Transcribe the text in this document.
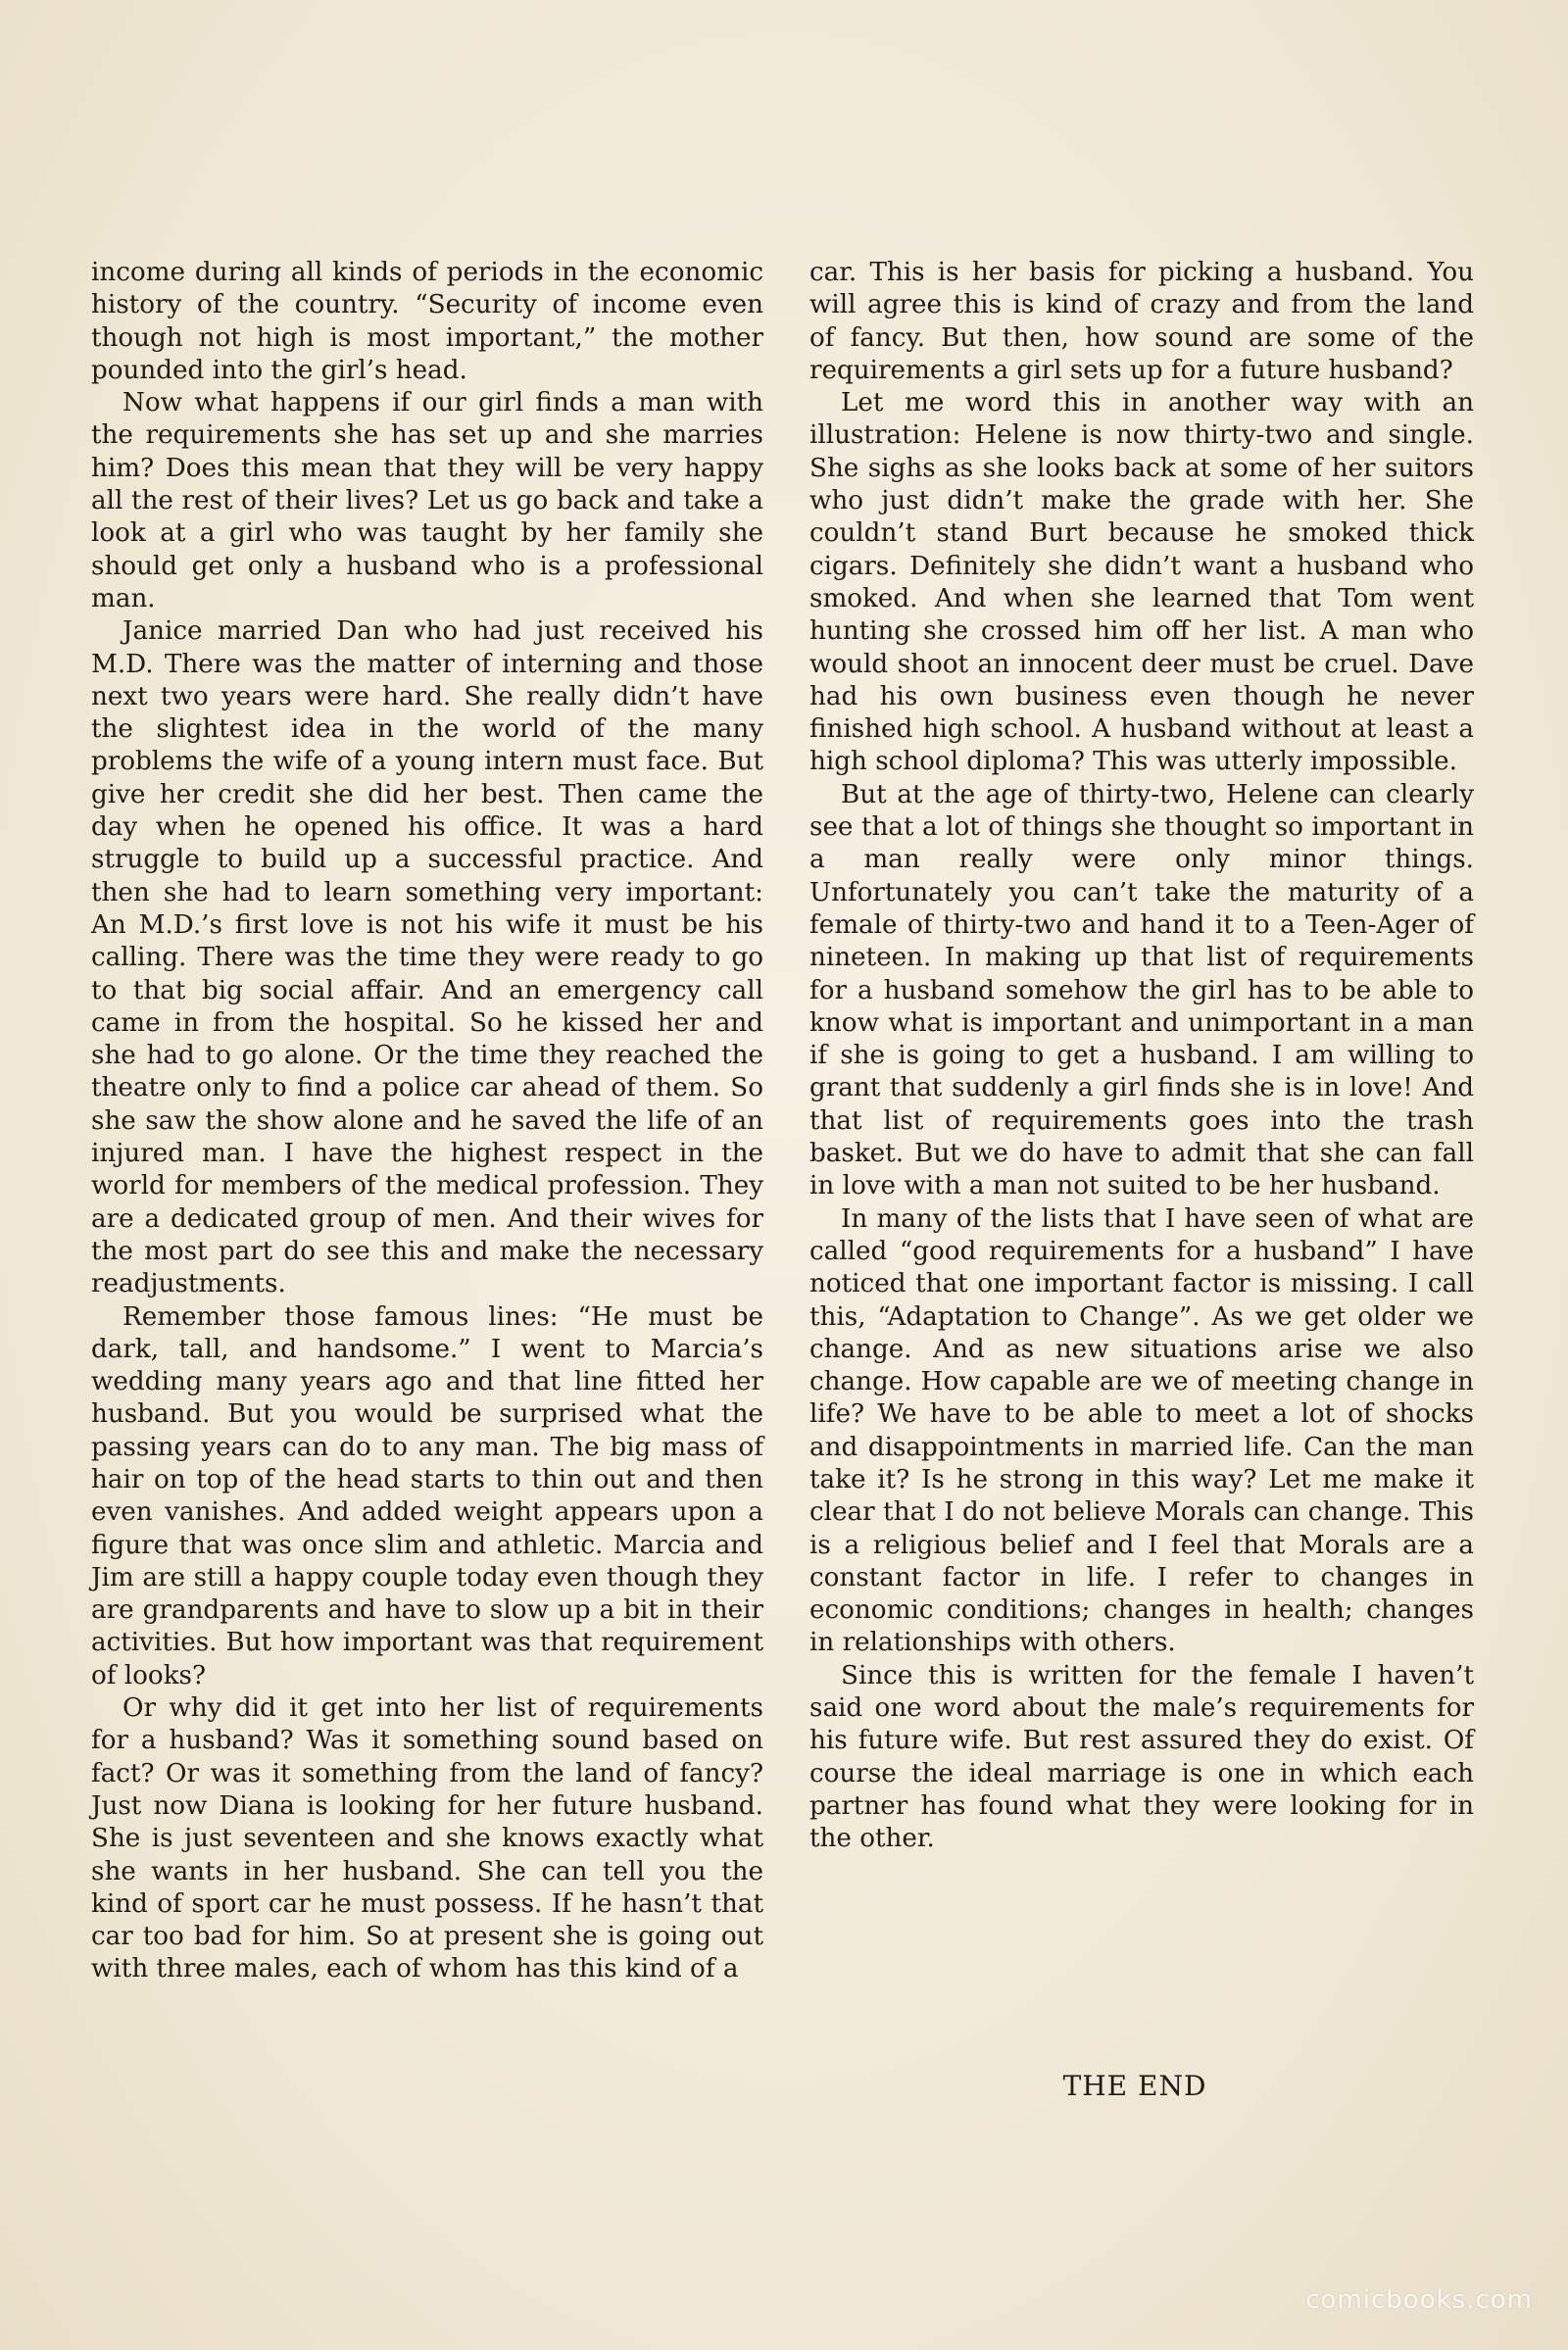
income during all kinds of periods in the economic history of the country. “Security of income even though not high is most important,” the mother pounded into the girl’s head.

Now what happens if our girl finds a man with the requirements she has set up and she marries him? Does this mean that they will be very happy all the rest of their lives? Let us go back and take a look at a girl who was taught by her family she should get only a husband who is a professional man.

Janice married Dan who had just received his M.D. There was the matter of interning and those next two years were hard. She really didn’t have the slightest idea in the world of the many problems the wife of a young intern must face. But give her credit she did her best. Then came the day when he opened his office. It was a hard struggle to build up a successful practice. And then she had to learn something very important: An M.D.’s first love is not his wife it must be his calling. There was the time they were ready to go to that big social affair. And an emergency call came in from the hospital. So he kissed her and she had to go alone. Or the time they reached the theatre only to find a police car ahead of them. So she saw the show alone and he saved the life of an injured man. I have the highest respect in the world for members of the medical profession. They are a dedicated group of men. And their wives for the most part do see this and make the necessary readjustments.

Remember those famous lines: “He must be dark, tall, and handsome.” I went to Marcia’s wedding many years ago and that line fitted her husband. But you would be surprised what the passing years can do to any man. The big mass of hair on top of the head starts to thin out and then even vanishes. And added weight appears upon a figure that was once slim and athletic. Marcia and Jim are still a happy couple today even though they are grandparents and have to slow up a bit in their activities. But how important was that requirement of looks?

Or why did it get into her list of requirements for a husband? Was it something sound based on fact? Or was it something from the land of fancy? Just now Diana is looking for her future husband. She is just seventeen and she knows exactly what she wants in her husband. She can tell you the kind of sport car he must possess. If he hasn’t that car too bad for him. So at present she is going out with three males, each of whom has this kind of a

car. This is her basis for picking a husband. You will agree this is kind of crazy and from the land of fancy. But then, how sound are some of the requirements a girl sets up for a future husband?

Let me word this in another way with an illustration: Helene is now thirty-two and single. She sighs as she looks back at some of her suitors who just didn’t make the grade with her. She couldn’t stand Burt because he smoked thick cigars. Definitely she didn’t want a husband who smoked. And when she learned that Tom went hunting she crossed him off her list. A man who would shoot an innocent deer must be cruel. Dave had his own business even though he never finished high school. A husband without at least a high school diploma? This was utterly impossible.

But at the age of thirty-two, Helene can clearly see that a lot of things she thought so important in a man really were only minor things. Unfortunately you can’t take the maturity of a female of thirty-two and hand it to a Teen-Ager of nineteen. In making up that list of requirements for a husband somehow the girl has to be able to know what is important and unimportant in a man if she is going to get a husband. I am willing to grant that suddenly a girl finds she is in love! And that list of requirements goes into the trash basket. But we do have to admit that she can fall in love with a man not suited to be her husband.

In many of the lists that I have seen of what are called “good requirements for a husband” I have noticed that one important factor is missing. I call this, “Adaptation to Change”. As we get older we change. And as new situations arise we also change. How capable are we of meeting change in life? We have to be able to meet a lot of shocks and disappointments in married life. Can the man take it? Is he strong in this way? Let me make it clear that I do not believe Morals can change. This is a religious belief and I feel that Morals are a constant factor in life. I refer to changes in economic conditions; changes in health; changes in relationships with others.

Since this is written for the female I haven’t said one word about the male’s requirements for his future wife. But rest assured they do exist. Of course the ideal marriage is one in which each partner has found what they were looking for in the other.

THE END
comicbooks.com
